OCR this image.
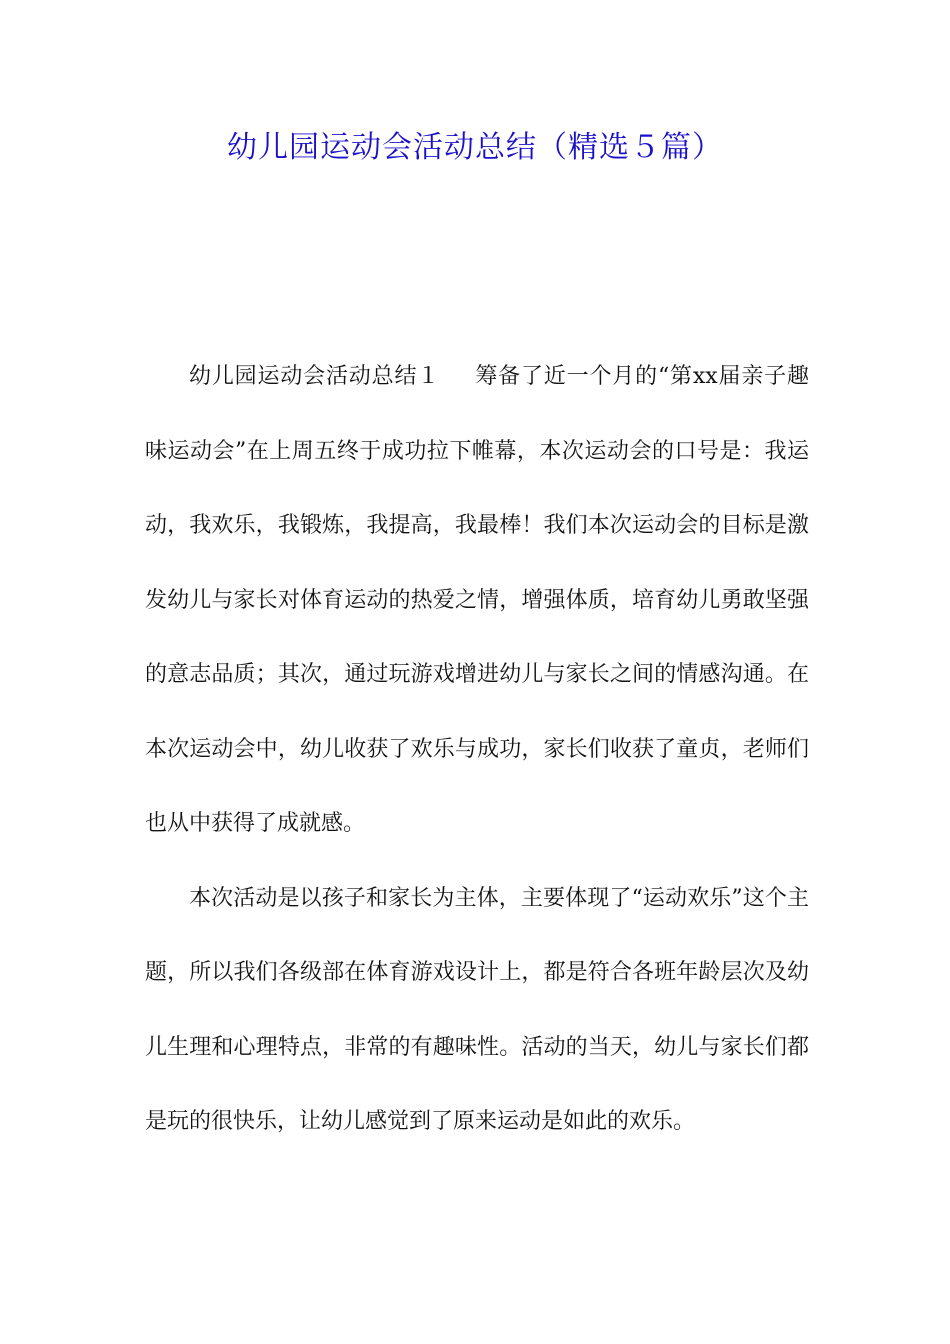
幼儿园运动会活动总结（精选５篇）

幼儿园运动会活动总结１ 筹备了近一个月的“第xx届亲子趣味运动会”在上周五终于成功拉下帷幕，本次运动会的口号是：我运动，我欢乐，我锻炼，我提高，我最棒！我们本次运动会的目标是激发幼儿与家长对体育运动的热爱之情，增强体质，培育幼儿勇敢坚强的意志品质；其次，通过玩游戏增进幼儿与家长之间的情感沟通。在本次运动会中，幼儿收获了欢乐与成功，家长们收获了童贞，老师们也从中获得了成就感。

本次活动是以孩子和家长为主体，主要体现了“运动欢乐”这个主题，所以我们各级部在体育游戏设计上，都是符合各班年龄层次及幼儿生理和心理特点，非常的有趣味性。活动的当天，幼儿与家长们都是玩的很快乐，让幼儿感觉到了原来运动是如此的欢乐。
